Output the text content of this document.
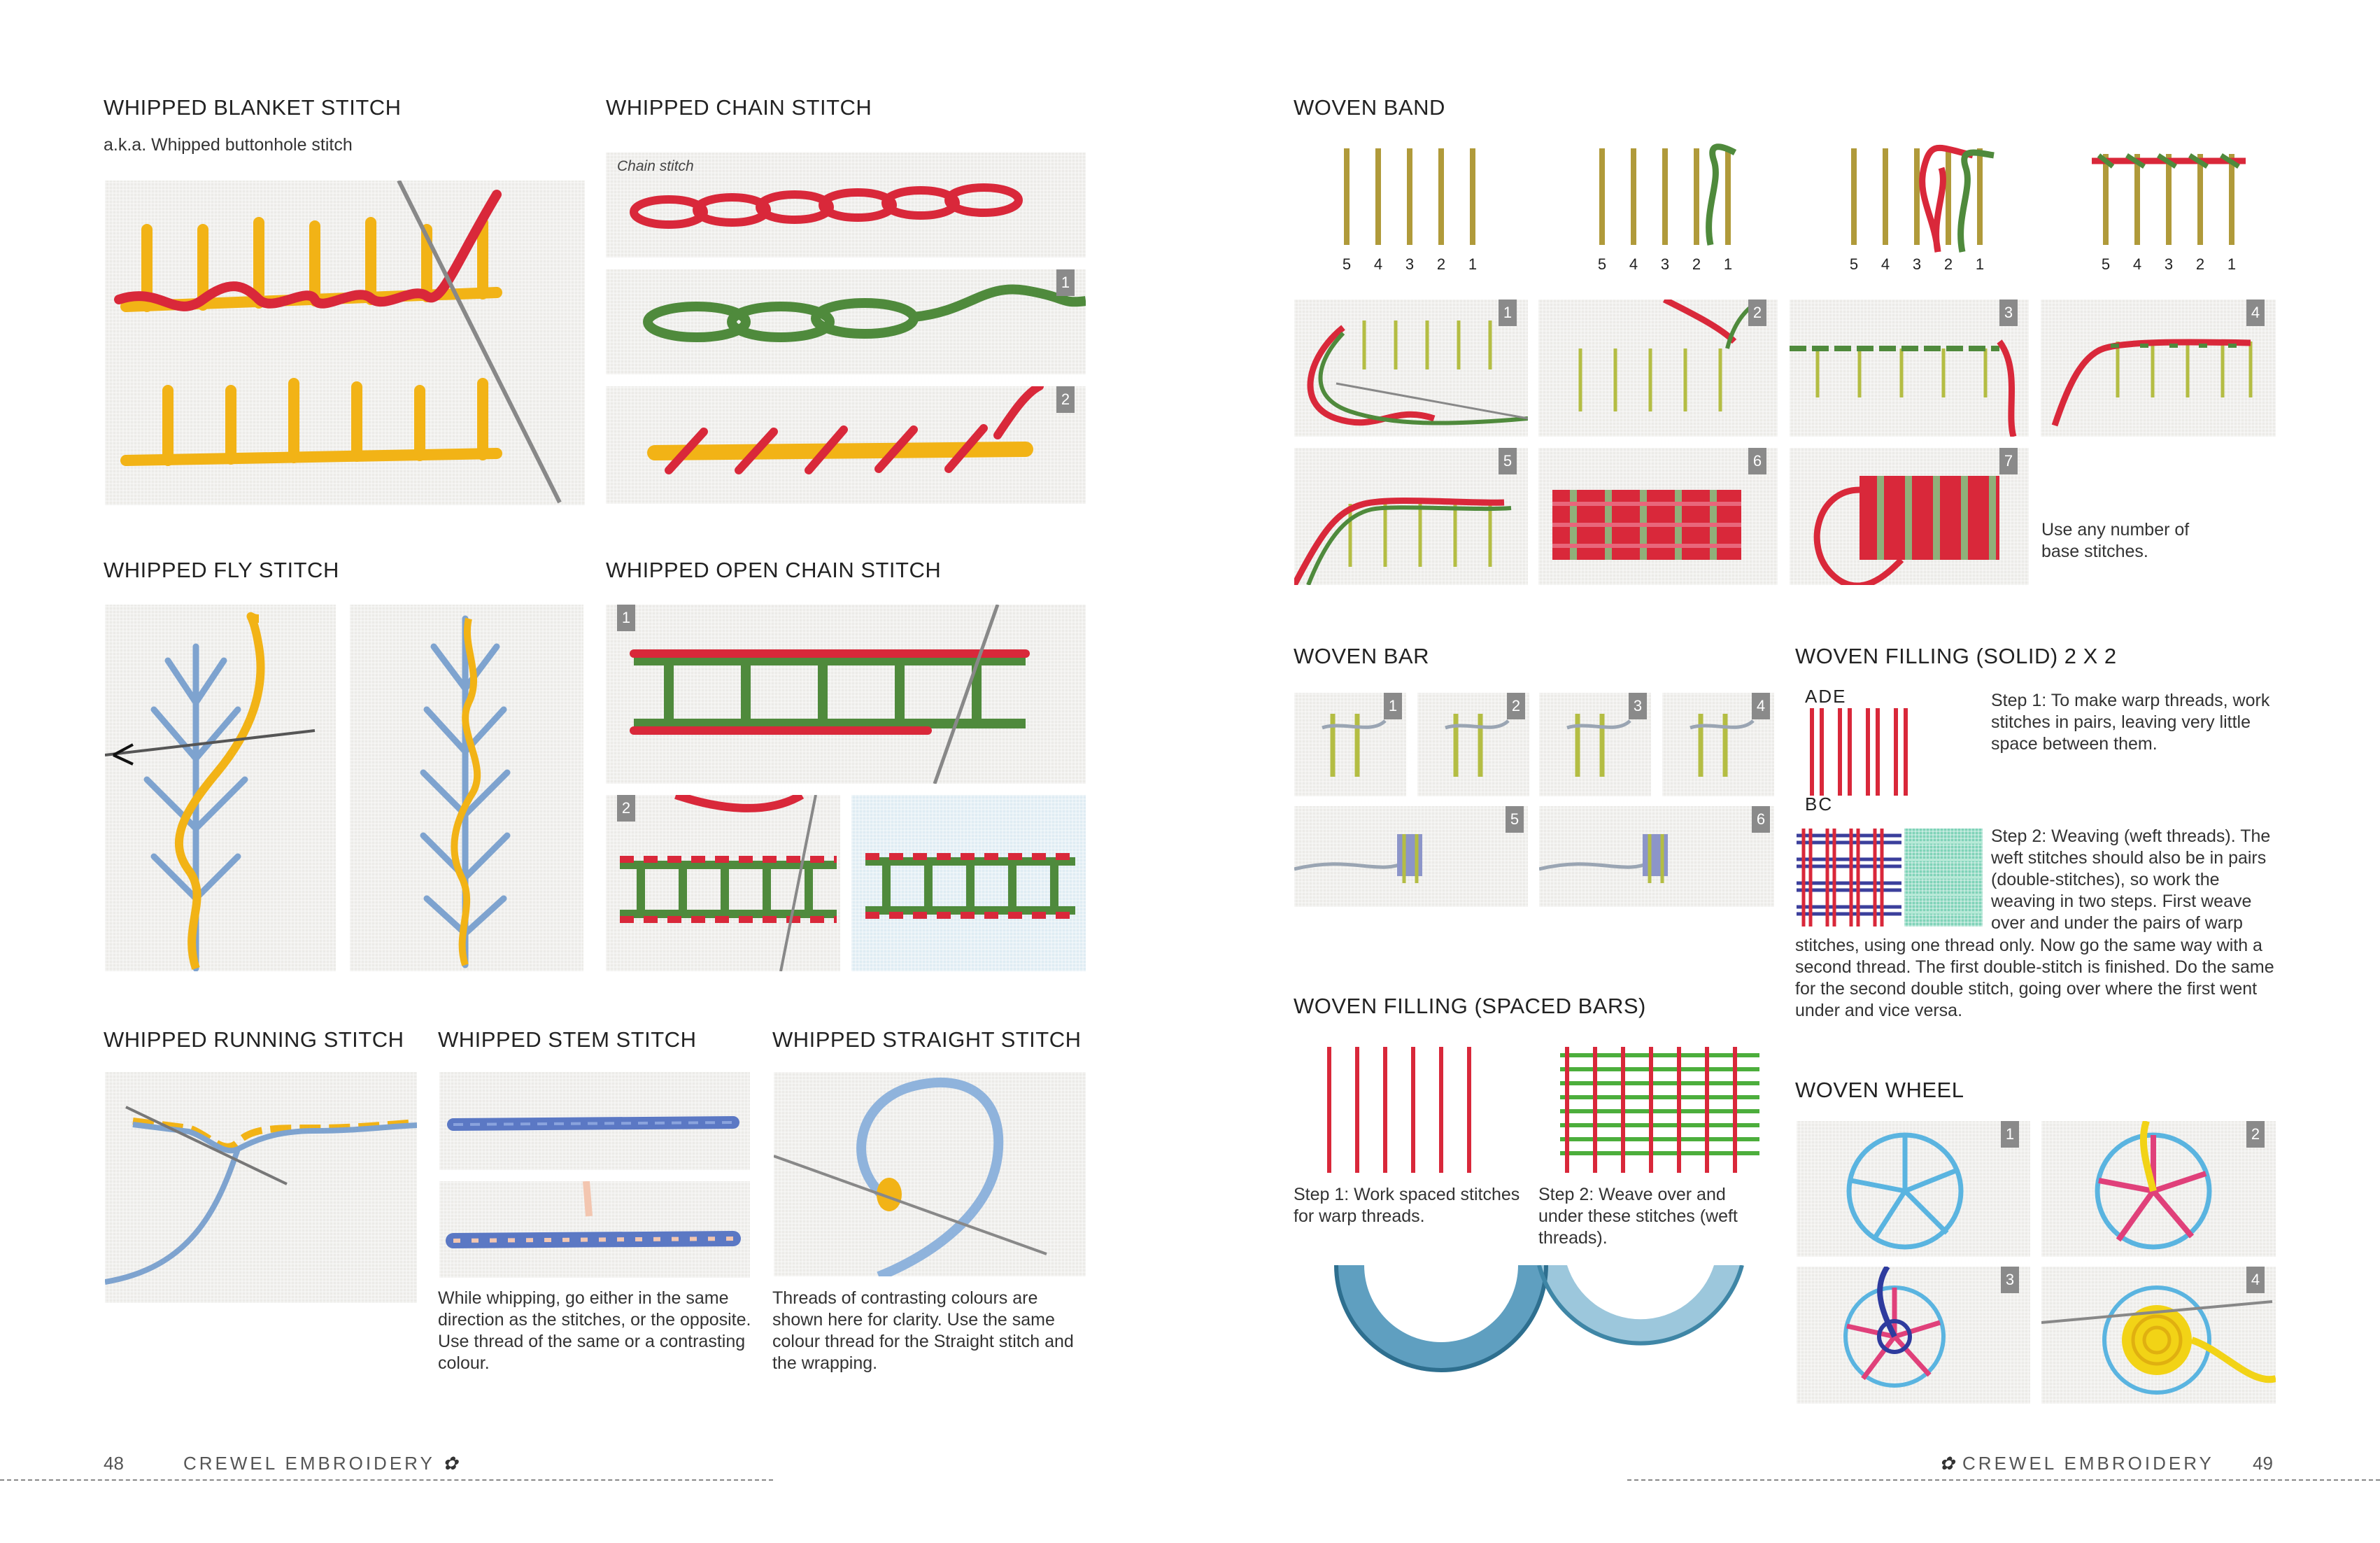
WHIPPED BLANKET STITCH
a.k.a. Whipped buttonhole stitch
WHIPPED CHAIN STITCH
Chain stitch
1
2
WHIPPED FLY STITCH	WHIPPED OPEN CHAIN STITCH
1
2
WHIPPED RUNNING STITCH WHIPPED STEM STITCH
While whipping, go either in the same direction as the stitches, or the opposite. Use thread of the same or a contrasting colour.
WHIPPED STRAIGHT STITCH
Threads of contrasting colours are shown here for clarity. Use the same colour thread for the Straight stitch and the wrapping.
48	CREWEL EMBROIDERY ✿
WOVEN BAND
5 4 3 2 1	5 4 3 2 1	5 4 3 2 1	5 4 3 2 1
1	2	3	4
5	6	7
Use any number of base stitches.
WOVEN BAR
1	2	3	4
5	6
WOVEN FILLING (SPACED BARS)
Step 1: Work spaced stitches for warp threads.
Step 2: Weave over and under these stitches (weft threads).
WOVEN FILLING (SOLID) 2 X 2
ADE
BC
Step 1: To make warp threads, work stitches in pairs, leaving very little space between them.
Step 2: Weaving (weft threads). The weft stitches should also be in pairs (double-stitches), so work the weaving in two steps. First weave over and under the pairs of warp
stitches, using one thread only. Now go the same way with a second thread. The first double-stitch is finished. Do the same for the second double stitch, going over where the first went under and vice versa.
WOVEN WHEEL
1	2
3	4
✿ CREWEL EMBROIDERY 49
